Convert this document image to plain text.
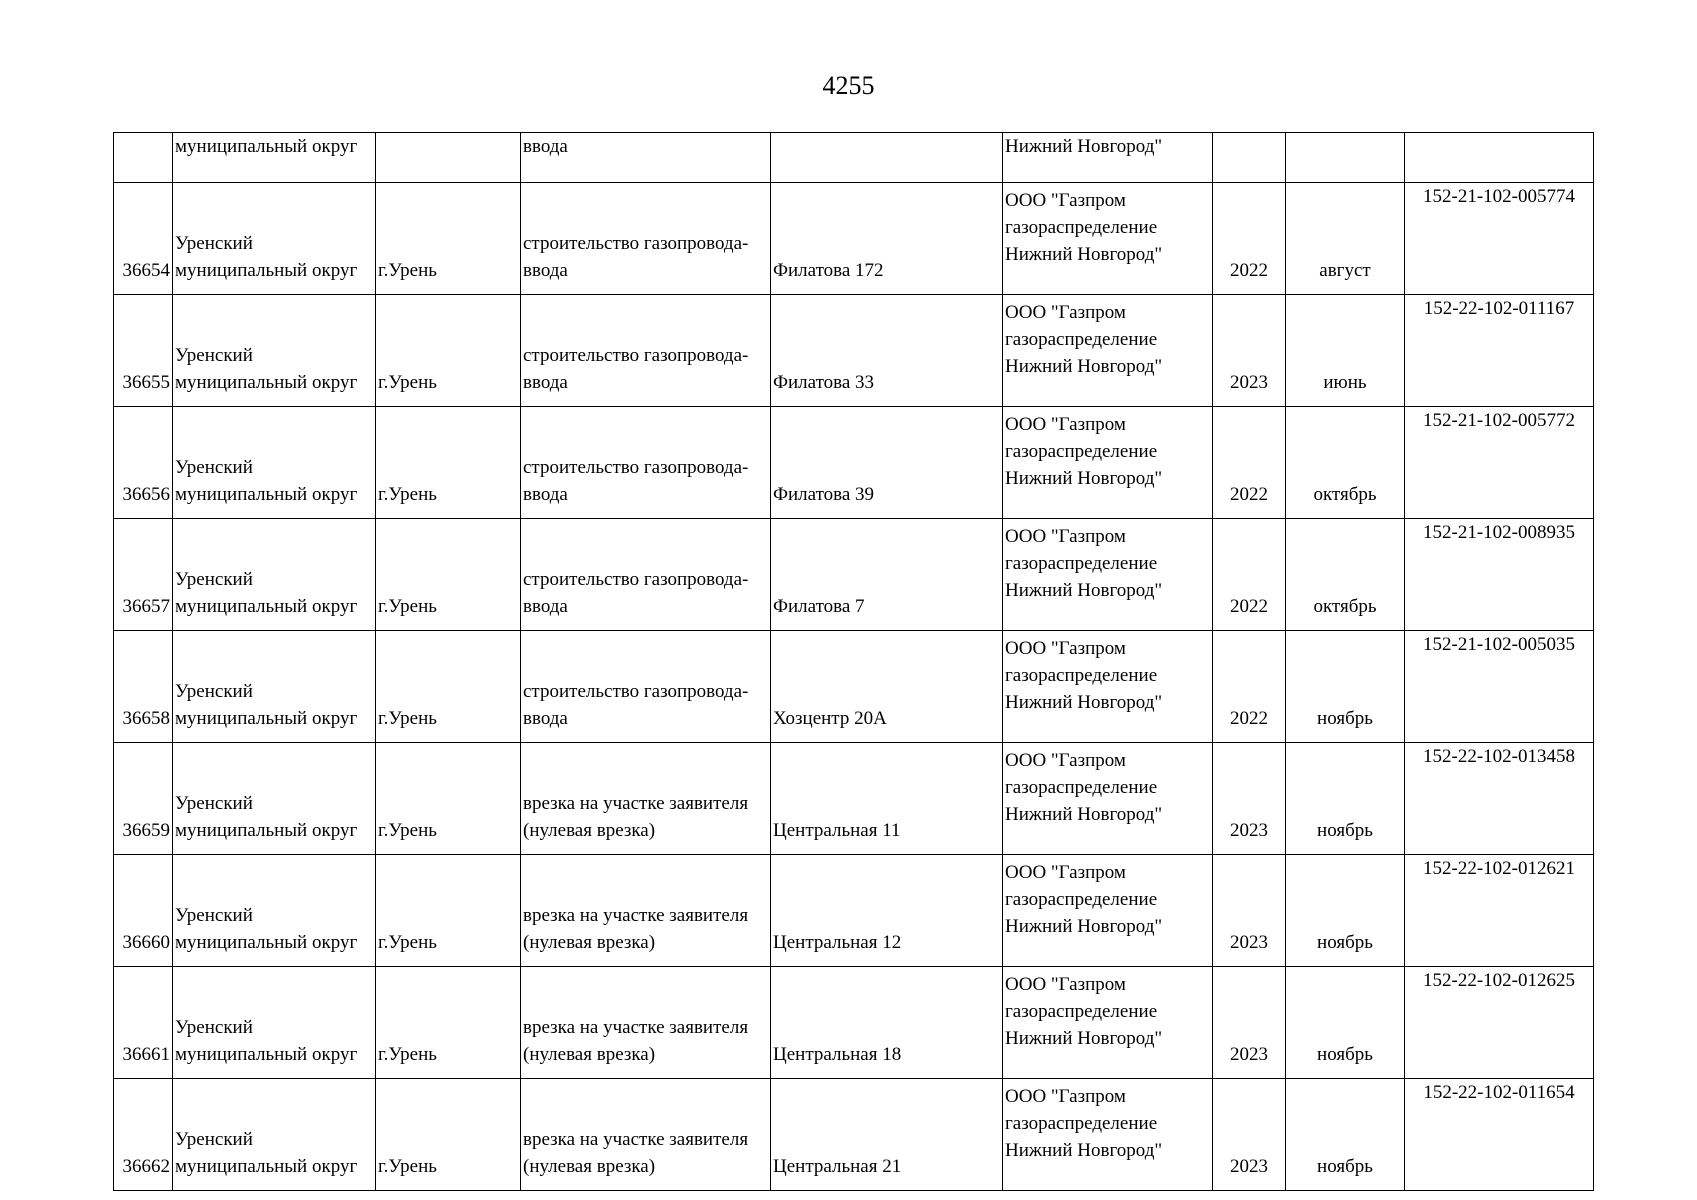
4255
	муниципальный округ		ввода		Нижний Новгород"			
36654	Уренский
муниципальный округ	г.Урень	строительство газопровода-
ввода	Филатова 172	ООО "Газпром
газораспределение
Нижний Новгород"	2022	август	152-21-102-005774
36655	Уренский
муниципальный округ	г.Урень	строительство газопровода-
ввода	Филатова 33	ООО "Газпром
газораспределение
Нижний Новгород"	2023	июнь	152-22-102-011167
36656	Уренский
муниципальный округ	г.Урень	строительство газопровода-
ввода	Филатова 39	ООО "Газпром
газораспределение
Нижний Новгород"	2022	октябрь	152-21-102-005772
36657	Уренский
муниципальный округ	г.Урень	строительство газопровода-
ввода	Филатова 7	ООО "Газпром
газораспределение
Нижний Новгород"	2022	октябрь	152-21-102-008935
36658	Уренский
муниципальный округ	г.Урень	строительство газопровода-
ввода	Хозцентр 20А	ООО "Газпром
газораспределение
Нижний Новгород"	2022	ноябрь	152-21-102-005035
36659	Уренский
муниципальный округ	г.Урень	врезка на участке заявителя
(нулевая врезка)	Центральная 11	ООО "Газпром
газораспределение
Нижний Новгород"	2023	ноябрь	152-22-102-013458
36660	Уренский
муниципальный округ	г.Урень	врезка на участке заявителя
(нулевая врезка)	Центральная 12	ООО "Газпром
газораспределение
Нижний Новгород"	2023	ноябрь	152-22-102-012621
36661	Уренский
муниципальный округ	г.Урень	врезка на участке заявителя
(нулевая врезка)	Центральная 18	ООО "Газпром
газораспределение
Нижний Новгород"	2023	ноябрь	152-22-102-012625
36662	Уренский
муниципальный округ	г.Урень	врезка на участке заявителя
(нулевая врезка)	Центральная 21	ООО "Газпром
газораспределение
Нижний Новгород"	2023	ноябрь	152-22-102-011654
